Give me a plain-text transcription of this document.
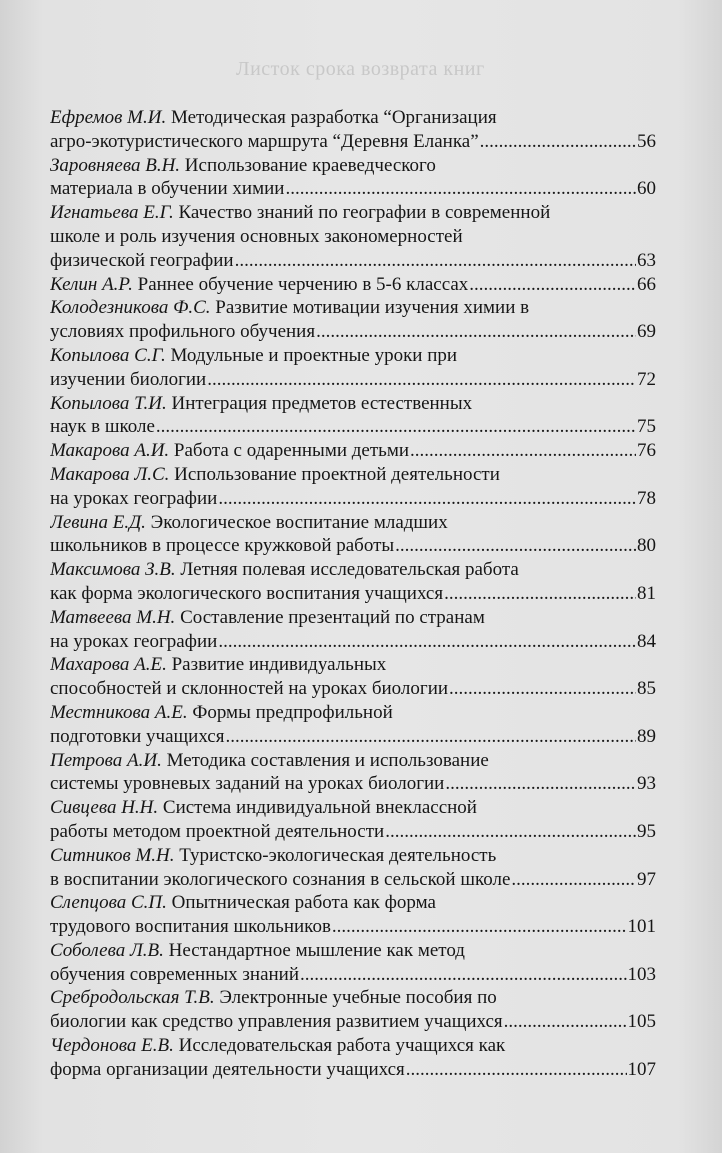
Листок срока возврата книг
Ефремов М.И. Методическая разработка “Организация
агро-экотуристического маршрута “Деревня Еланка” .....	56
Заровняева В.Н. Использование краеведческого
материала в обучении химии .....	60
Игнатьева Е.Г. Качество знаний по географии в современной
школе и роль изучения основных закономерностей
физической географии .....	63
Келин А.Р. Раннее обучение черчению в 5-6 классах .....	66
Колодезникова Ф.С. Развитие мотивации изучения химии в
условиях профильного обучения .....	69
Копылова С.Г. Модульные и проектные уроки при
изучении биологии .....	72
Копылова Т.И. Интеграция предметов естественных
наук в школе .....	75
Макарова А.И. Работа с одаренными детьми .....	76
Макарова Л.С. Использование проектной деятельности
на уроках географии .....	78
Левина Е.Д. Экологическое воспитание младших
школьников в процессе кружковой работы .....	80
Максимова З.В. Летняя полевая исследовательская работа
как форма экологического воспитания учащихся .....	81
Матвеева М.Н. Составление презентаций по странам
на уроках географии .....	84
Махарова А.Е. Развитие индивидуальных
способностей и склонностей на уроках биологии .....	85
Местникова А.Е. Формы предпрофильной
подготовки учащихся .....	89
Петрова А.И. Методика составления и использование
системы уровневых заданий на уроках биологии .....	93
Сивцева Н.Н. Система индивидуальной внеклассной
работы методом проектной деятельности .....	95
Ситников М.Н. Туристско-экологическая деятельность
в воспитании экологического сознания в сельской школе .....	97
Слепцова С.П. Опытническая работа как форма
трудового воспитания школьников .....	101
Соболева Л.В. Нестандартное мышление как метод
обучения современных знаний .....	103
Сребродольская Т.В. Электронные учебные пособия по
биологии как средство управления развитием учащихся .....	105
Чердонова Е.В. Исследовательская работа учащихся как
форма организации деятельности учащихся .....	107
